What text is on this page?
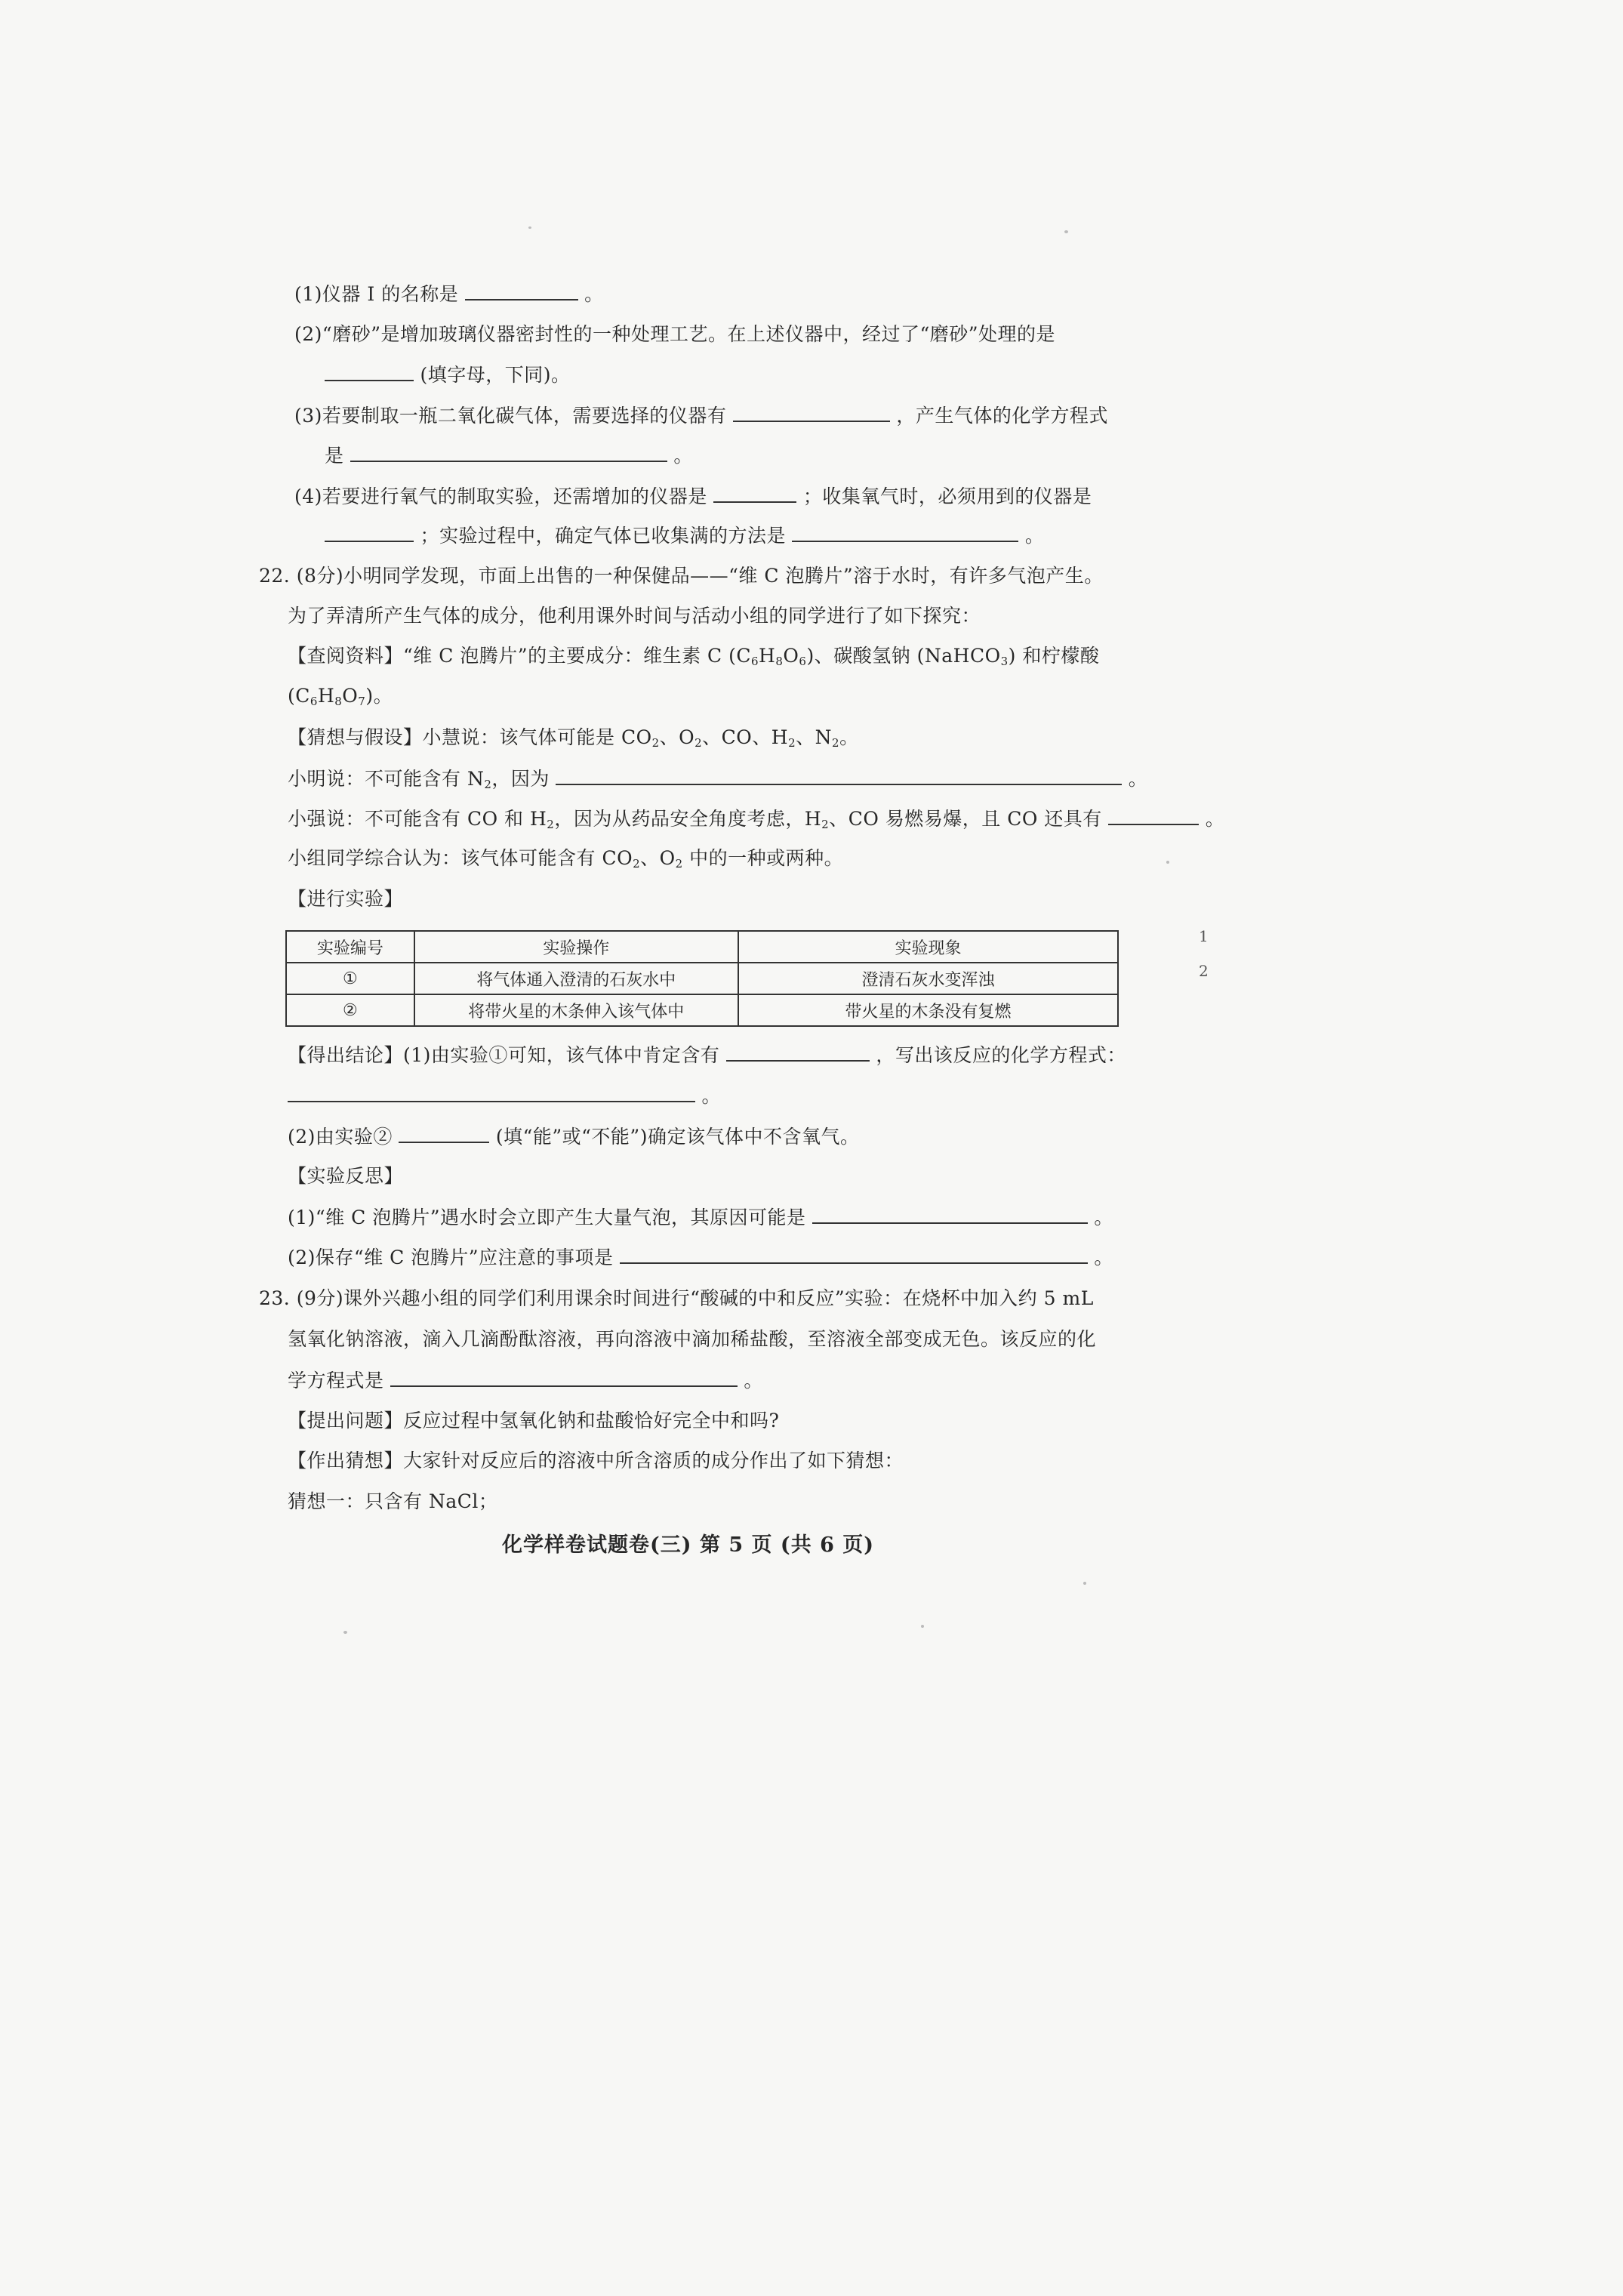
(1)仪器 I 的名称是	。
(2)“磨砂”是增加玻璃仪器密封性的一种处理工艺。在上述仪器中，经过了“磨砂”处理的是
(填字母，下同)。
(3)若要制取一瓶二氧化碳气体，需要选择的仪器有	，产生气体的化学方程式
是	。
(4)若要进行氧气的制取实验，还需增加的仪器是	；收集氧气时，必须用到的仪器是
；实验过程中，确定气体已收集满的方法是	。
22. (8分)小明同学发现，市面上出售的一种保健品——“维 C 泡腾片”溶于水时，有许多气泡产生。
为了弄清所产生气体的成分，他利用课外时间与活动小组的同学进行了如下探究：
【查阅资料】“维 C 泡腾片”的主要成分：维生素 C $(C_6H_8O_6)$、碳酸氢钠 (NaHCO$_3$) 和柠檬酸
$(C_6H_8O_7)$。
【猜想与假设】小慧说：该气体可能是 $CO_2$、$O_2$、CO、$H_2$、$N_2$。
小明说：不可能含有 $N_2$，因为	。
小强说：不可能含有 CO 和 $H_2$，因为从药品安全角度考虑，$H_2$、CO 易燃易爆，且 CO 还具有	。
小组同学综合认为：该气体可能含有 $CO_2$、$O_2$ 中的一种或两种。
【进行实验】
实验编号	实验操作	实验现象
①	将气体通入澄清的石灰水中	澄清石灰水变浑浊
②	将带火星的木条伸入该气体中	带火星的木条没有复燃
【得出结论】(1)由实验①可知，该气体中肯定含有	，写出该反应的化学方程式：
。
(2)由实验②	(填“能”或“不能”)确定该气体中不含氧气。
【实验反思】
(1)“维 C 泡腾片”遇水时会立即产生大量气泡，其原因可能是	。
(2)保存“维 C 泡腾片”应注意的事项是	。
23. (9分)课外兴趣小组的同学们利用课余时间进行“酸碱的中和反应”实验：在烧杯中加入约 5 mL
氢氧化钠溶液，滴入几滴酚酞溶液，再向溶液中滴加稀盐酸，至溶液全部变成无色。该反应的化
学方程式是	。
【提出问题】反应过程中氢氧化钠和盐酸恰好完全中和吗?
【作出猜想】大家针对反应后的溶液中所含溶质的成分作出了如下猜想：
猜想一：只含有 NaCl；
1
2
化学样卷试题卷(三) 第 5 页 (共 6 页)
